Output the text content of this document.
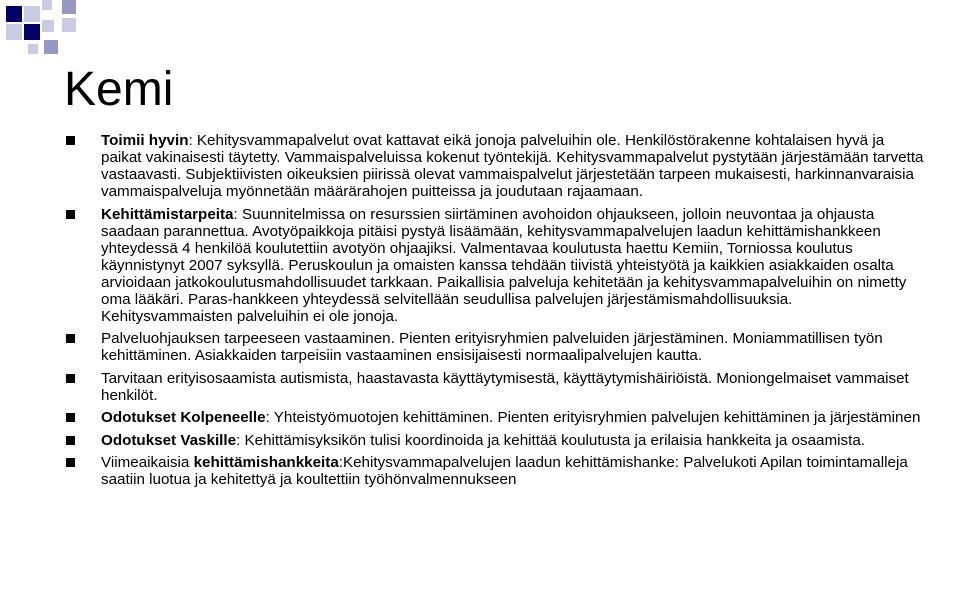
Kemi
Toimii hyvin: Kehitysvammapalvelut ovat kattavat eikä jonoja palveluihin ole. Henkilöstörakenne kohtalaisen hyvä ja paikat vakinaisesti täytetty. Vammaispalveluissa kokenut työntekijä. Kehitysvammapalvelut pystytään järjestämään tarvetta vastaavasti. Subjektiivisten oikeuksien piirissä olevat vammaispalvelut järjestetään tarpeen mukaisesti, harkinnanvaraisia vammaispalveluja myönnetään määrärahojen puitteissa ja joudutaan rajaamaan.
Kehittämistarpeita: Suunnitelmissa on resurssien siirtäminen avohoidon ohjaukseen, jolloin neuvontaa ja ohjausta saadaan parannettua. Avotyöpaikkoja pitäisi pystyä lisäämään, kehitysvammapalvelujen laadun kehittämishankkeen yhteydessä 4 henkilöä koulutettiin avotyön ohjaajiksi. Valmentavaa koulutusta haettu Kemiin, Torniossa koulutus käynnistynyt 2007 syksyllä. Peruskoulun ja omaisten kanssa tehdään tiivistä yhteistyötä ja kaikkien asiakkaiden osalta arvioidaan jatkokoulutusmahdollisuudet tarkkaan. Paikallisia palveluja kehitetään ja kehitysvammapalveluihin on nimetty oma lääkäri. Paras-hankkeen yhteydessä selvitellään seudullisa palvelujen järjestämismahdollisuuksia. Kehitysvammaisten palveluihin ei ole jonoja.
Palveluohjauksen tarpeeseen vastaaminen. Pienten erityisryhmien palveluiden järjestäminen. Moniammatillisen työn kehittäminen. Asiakkaiden tarpeisiin vastaaminen ensisijaisesti normaalipalvelujen kautta.
Tarvitaan erityisosaamista autismista, haastavasta käyttäytymisestä, käyttäytymishäiriöistä. Moniongelmaiset vammaiset henkilöt.
Odotukset Kolpeneelle: Yhteistyömuotojen kehittäminen. Pienten erityisryhmien palvelujen kehittäminen ja järjestäminen
Odotukset Vaskille: Kehittämisyksikön tulisi koordinoida ja kehittää koulutusta ja erilaisia hankkeita ja osaamista.
Viimeaikaisia kehittämishankkeita:Kehitysvammapalvelujen laadun kehittämishanke: Palvelukoti Apilan toimintamalleja saatiin luotua ja kehitettyä ja koultettiin työhönvalmennukseen
